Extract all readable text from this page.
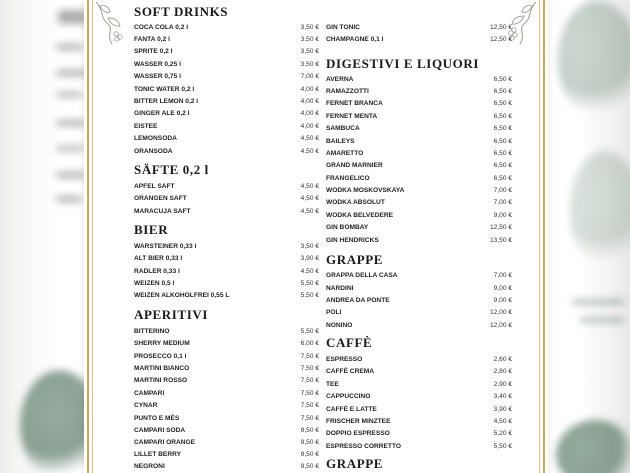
SOFT DRINKS
COCA COLA 0,2 l	3,50 €
FANTA 0,2 l	3,50 €
SPRITE 0,2 l	3,50 €
WASSER 0,25 l	3,50 €
WASSER 0,75 l	7,00 €
TONIC WATER 0,2 l	4,00 €
BITTER LEMON 0,2 l	4,00 €
GINGER ALE 0,2 l	4,00 €
EISTEE	4,00 €
LEMONSODA	4,50 €
ORANSODA	4,50 €
SÄFTE 0,2 l
APFEL SAFT	4,50 €
ORANGEN SAFT	4,50 €
MARACUJA SAFT	4,50 €
BIER
WARSTEINER 0,33 l	3,50 €
ALT BIER 0,33 l	3,90 €
RADLER 0,33 l	4,50 €
WEIZEN 0,5 l	5,50 €
WEIZEN ALKOHOLFREI 0,55 L	5,50 €
APERITIVI
BITTERINO	5,50 €
SHERRY MEDIUM	6,00 €
PROSECCO 0,1 l	7,50 €
MARTINI BIANCO	7,50 €
MARTINI ROSSO	7,50 €
CAMPARI	7,50 €
CYNAR	7,50 €
PUNTO E MÈS	7,50 €
CAMPARI SODA	9,50 €
CAMPARI ORANGE	9,50 €
LILLET BERRY	9,50 €
NEGRONI	9,50 €
GIN TONIC	12,50 €
CHAMPAGNE 0,1 l	12,50 €
DIGESTIVI E LIQUORI
AVERNA	6,50 €
RAMAZZOTTI	6,50 €
FERNET BRANCA	6,50 €
FERNET MENTA	6,50 €
SAMBUCA	6,50 €
BAILEYS	6,50 €
AMARETTO	6,50 €
GRAND MARNIER	6,50 €
FRANGELICO	6,50 €
WODKA MOSKOVSKAYA	7,00 €
WODKA ABSOLUT	7,00 €
WODKA BELVEDERE	9,00 €
GIN BOMBAY	12,50 €
GIN HENDRICKS	13,50 €
GRAPPE
GRAPPA DELLA CASA	7,00 €
NARDINI	9,00 €
ANDREA DA PONTE	9,00 €
POLI	12,00 €
NONINO	12,00 €
CAFFÈ
ESPRESSO	2,60 €
CAFFÈ CREMA	2,80 €
TEE	2,90 €
CAPPUCCINO	3,40 €
CAFFÈ E LATTE	3,90 €
FRISCHER MINZTEE	4,50 €
DOPPIO ESPRESSO	5,20 €
ESPRESSO CORRETTO	5,50 €
GRAPPE
